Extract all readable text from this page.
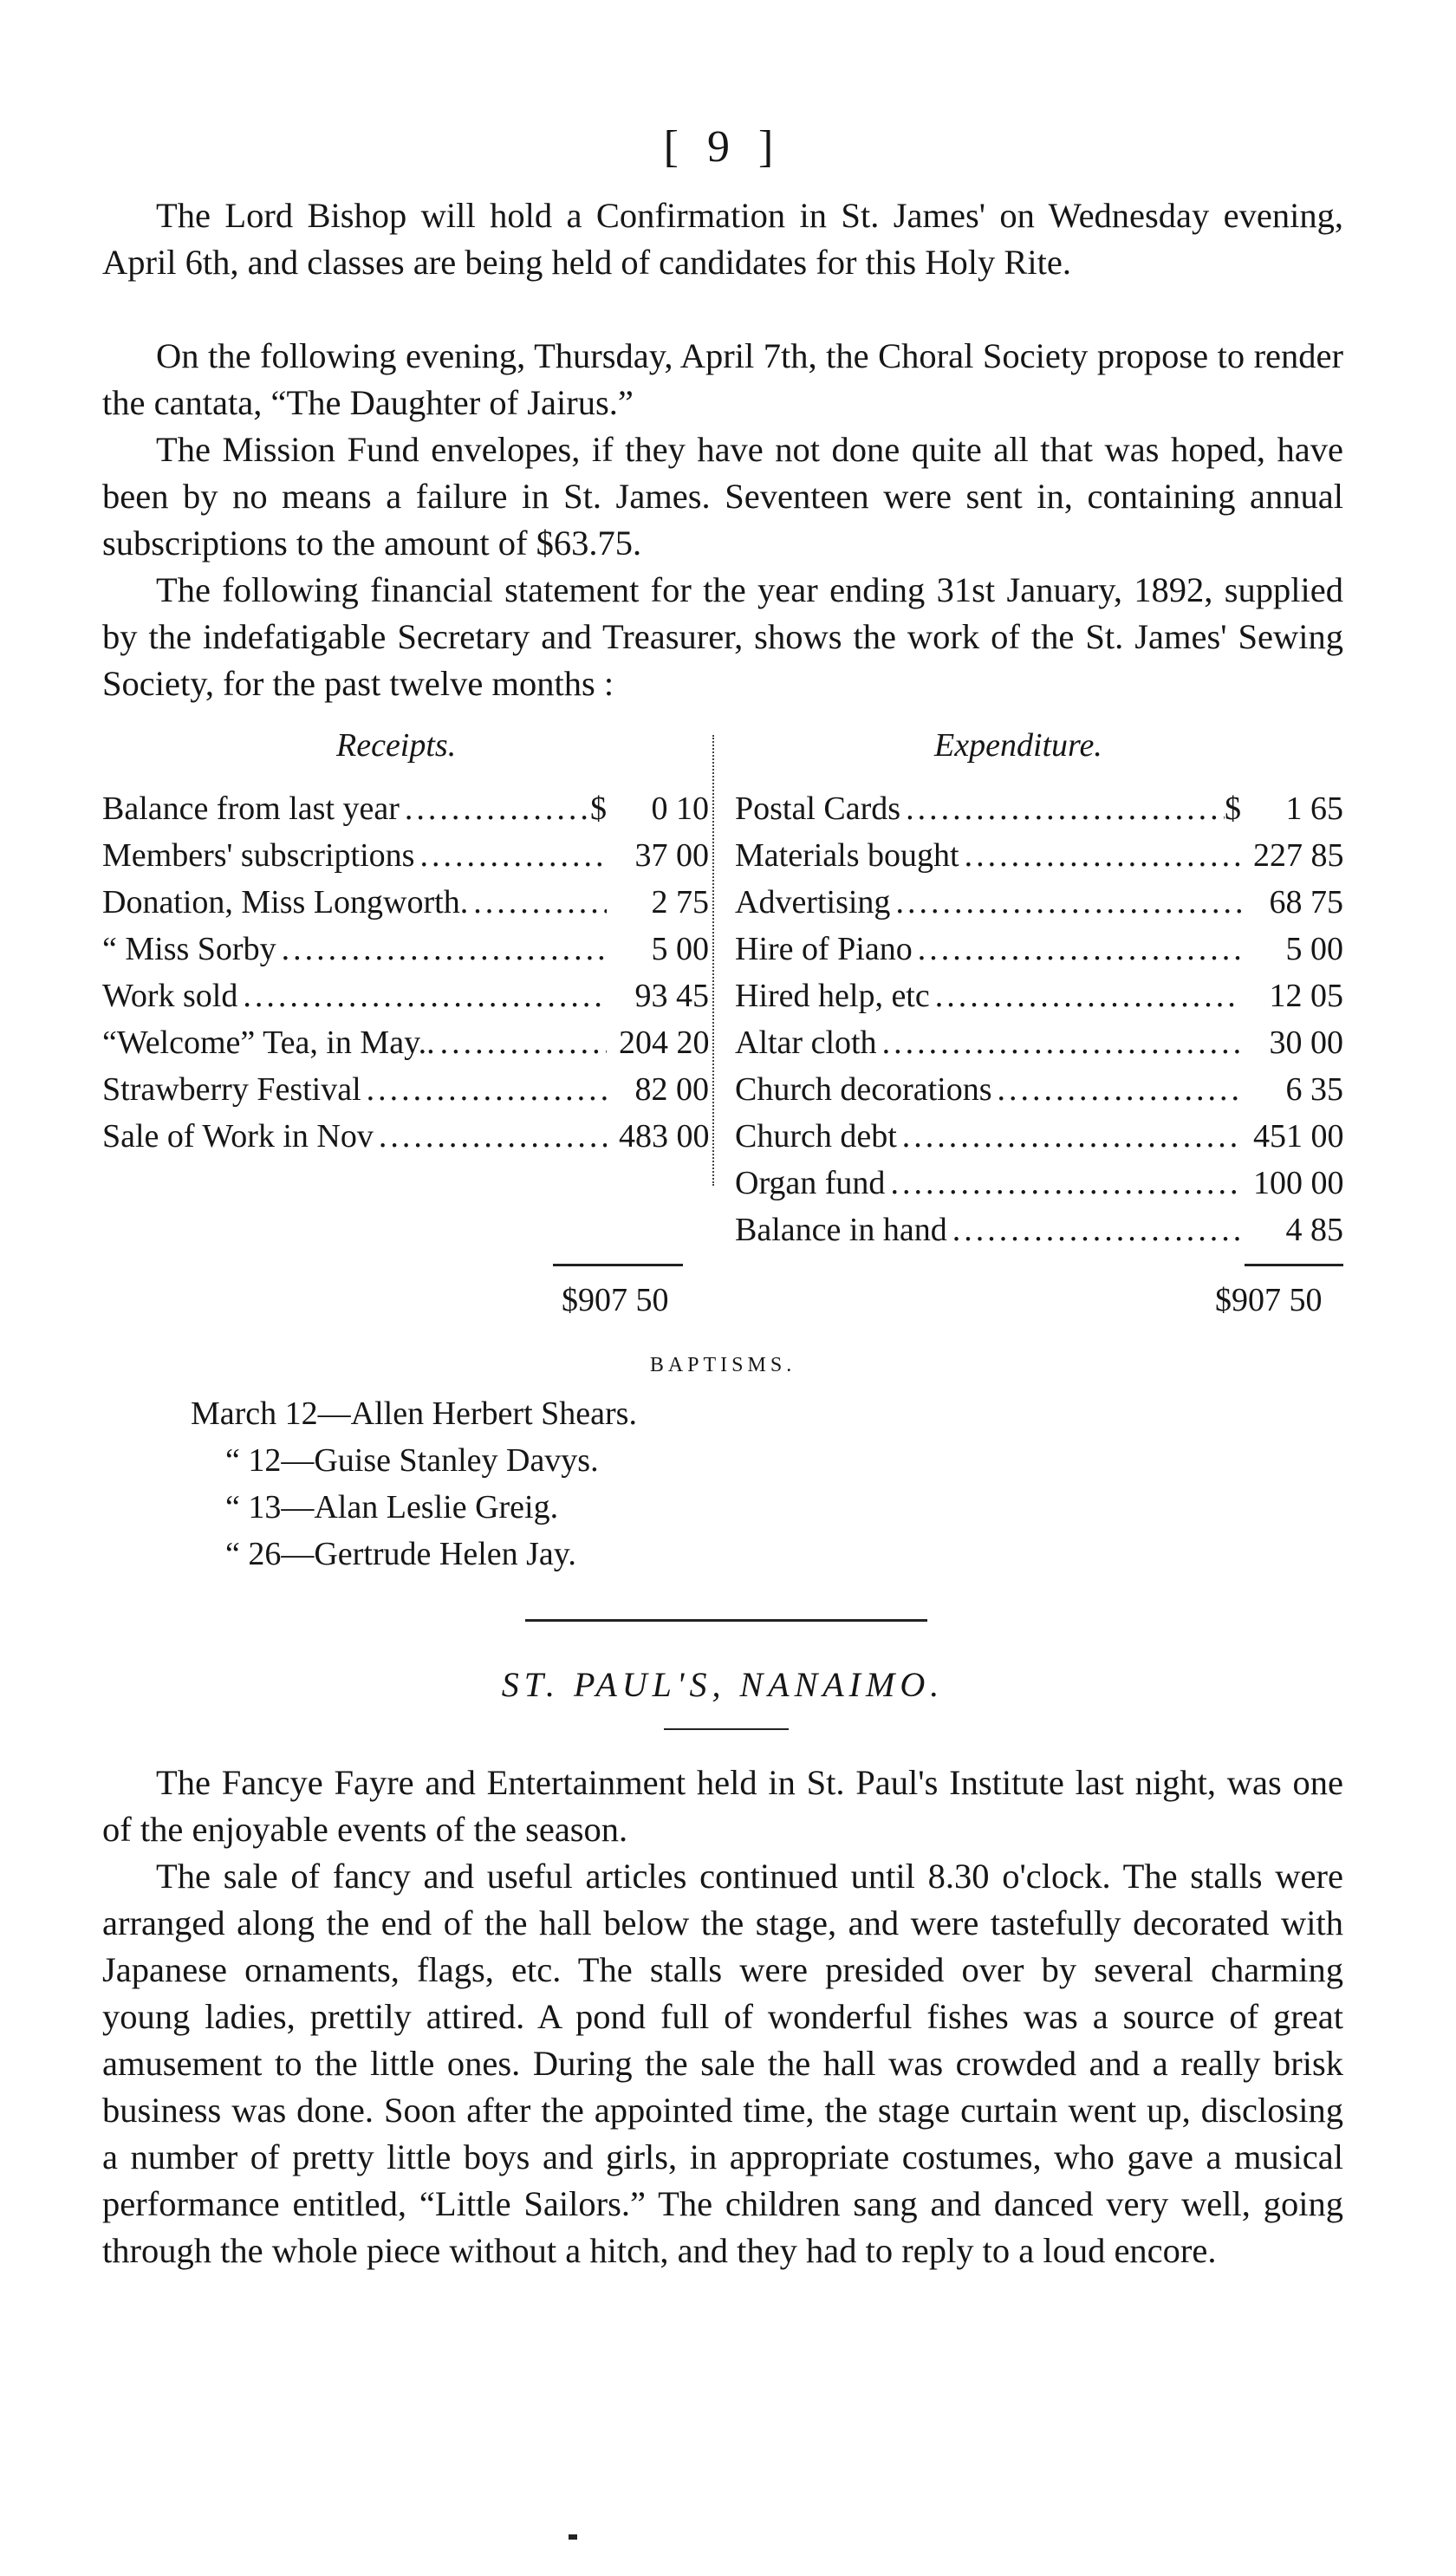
[ 9 ]

The Lord Bishop will hold a Confirmation in St. James' on Wednesday evening, April 6th, and classes are being held of candidates for this Holy Rite.

On the following evening, Thursday, April 7th, the Choral Society propose to render the cantata, “The Daughter of Jairus.”

The Mission Fund envelopes, if they have not done quite all that was hoped, have been by no means a failure in St. James. Seventeen were sent in, containing annual subscriptions to the amount of $63.75.

The following financial statement for the year ending 31st January, 1892, supplied by the indefatigable Secretary and Treasurer, shows the work of the St. James' Sewing Society, for the past twelve months :

Receipts.	Expenditure.
Balance from last year .....	$	0 10
Members' subscriptions .....	37 00
Donation, Miss Longworth. .....	2 75
“ Miss Sorby .....	5 00
Work sold .....	93 45
“Welcome” Tea, in May.. .....	204 20
Strawberry Festival .....	82 00
Sale of Work in Nov .....	483 00
Postal Cards .....	$	1 65
Materials bought .....	227 85
Advertising .....	68 75
Hire of Piano .....	5 00
Hired help, etc .....	12 05
Altar cloth .....	30 00
Church decorations .....	6 35
Church debt .....	451 00
Organ fund .....	100 00
Balance in hand .....	4 85
$907 50	$907 50
BAPTISMS.
March 12—Allen Herbert Shears.
“ 12—Guise Stanley Davys.
“ 13—Alan Leslie Greig.
“ 26—Gertrude Helen Jay.
ST. PAUL'S, NANAIMO.

The Fancye Fayre and Entertainment held in St. Paul's Institute last night, was one of the enjoyable events of the season.

The sale of fancy and useful articles continued until 8.30 o'clock. The stalls were arranged along the end of the hall below the stage, and were tastefully decorated with Japanese ornaments, flags, etc. The stalls were presided over by several charming young ladies, prettily attired. A pond full of wonderful fishes was a source of great amusement to the little ones. During the sale the hall was crowded and a really brisk business was done. Soon after the appointed time, the stage curtain went up, disclosing a number of pretty little boys and girls, in appropriate costumes, who gave a musical performance entitled, “Little Sailors.” The children sang and danced very well, going through the whole piece without a hitch, and they had to reply to a loud encore.
